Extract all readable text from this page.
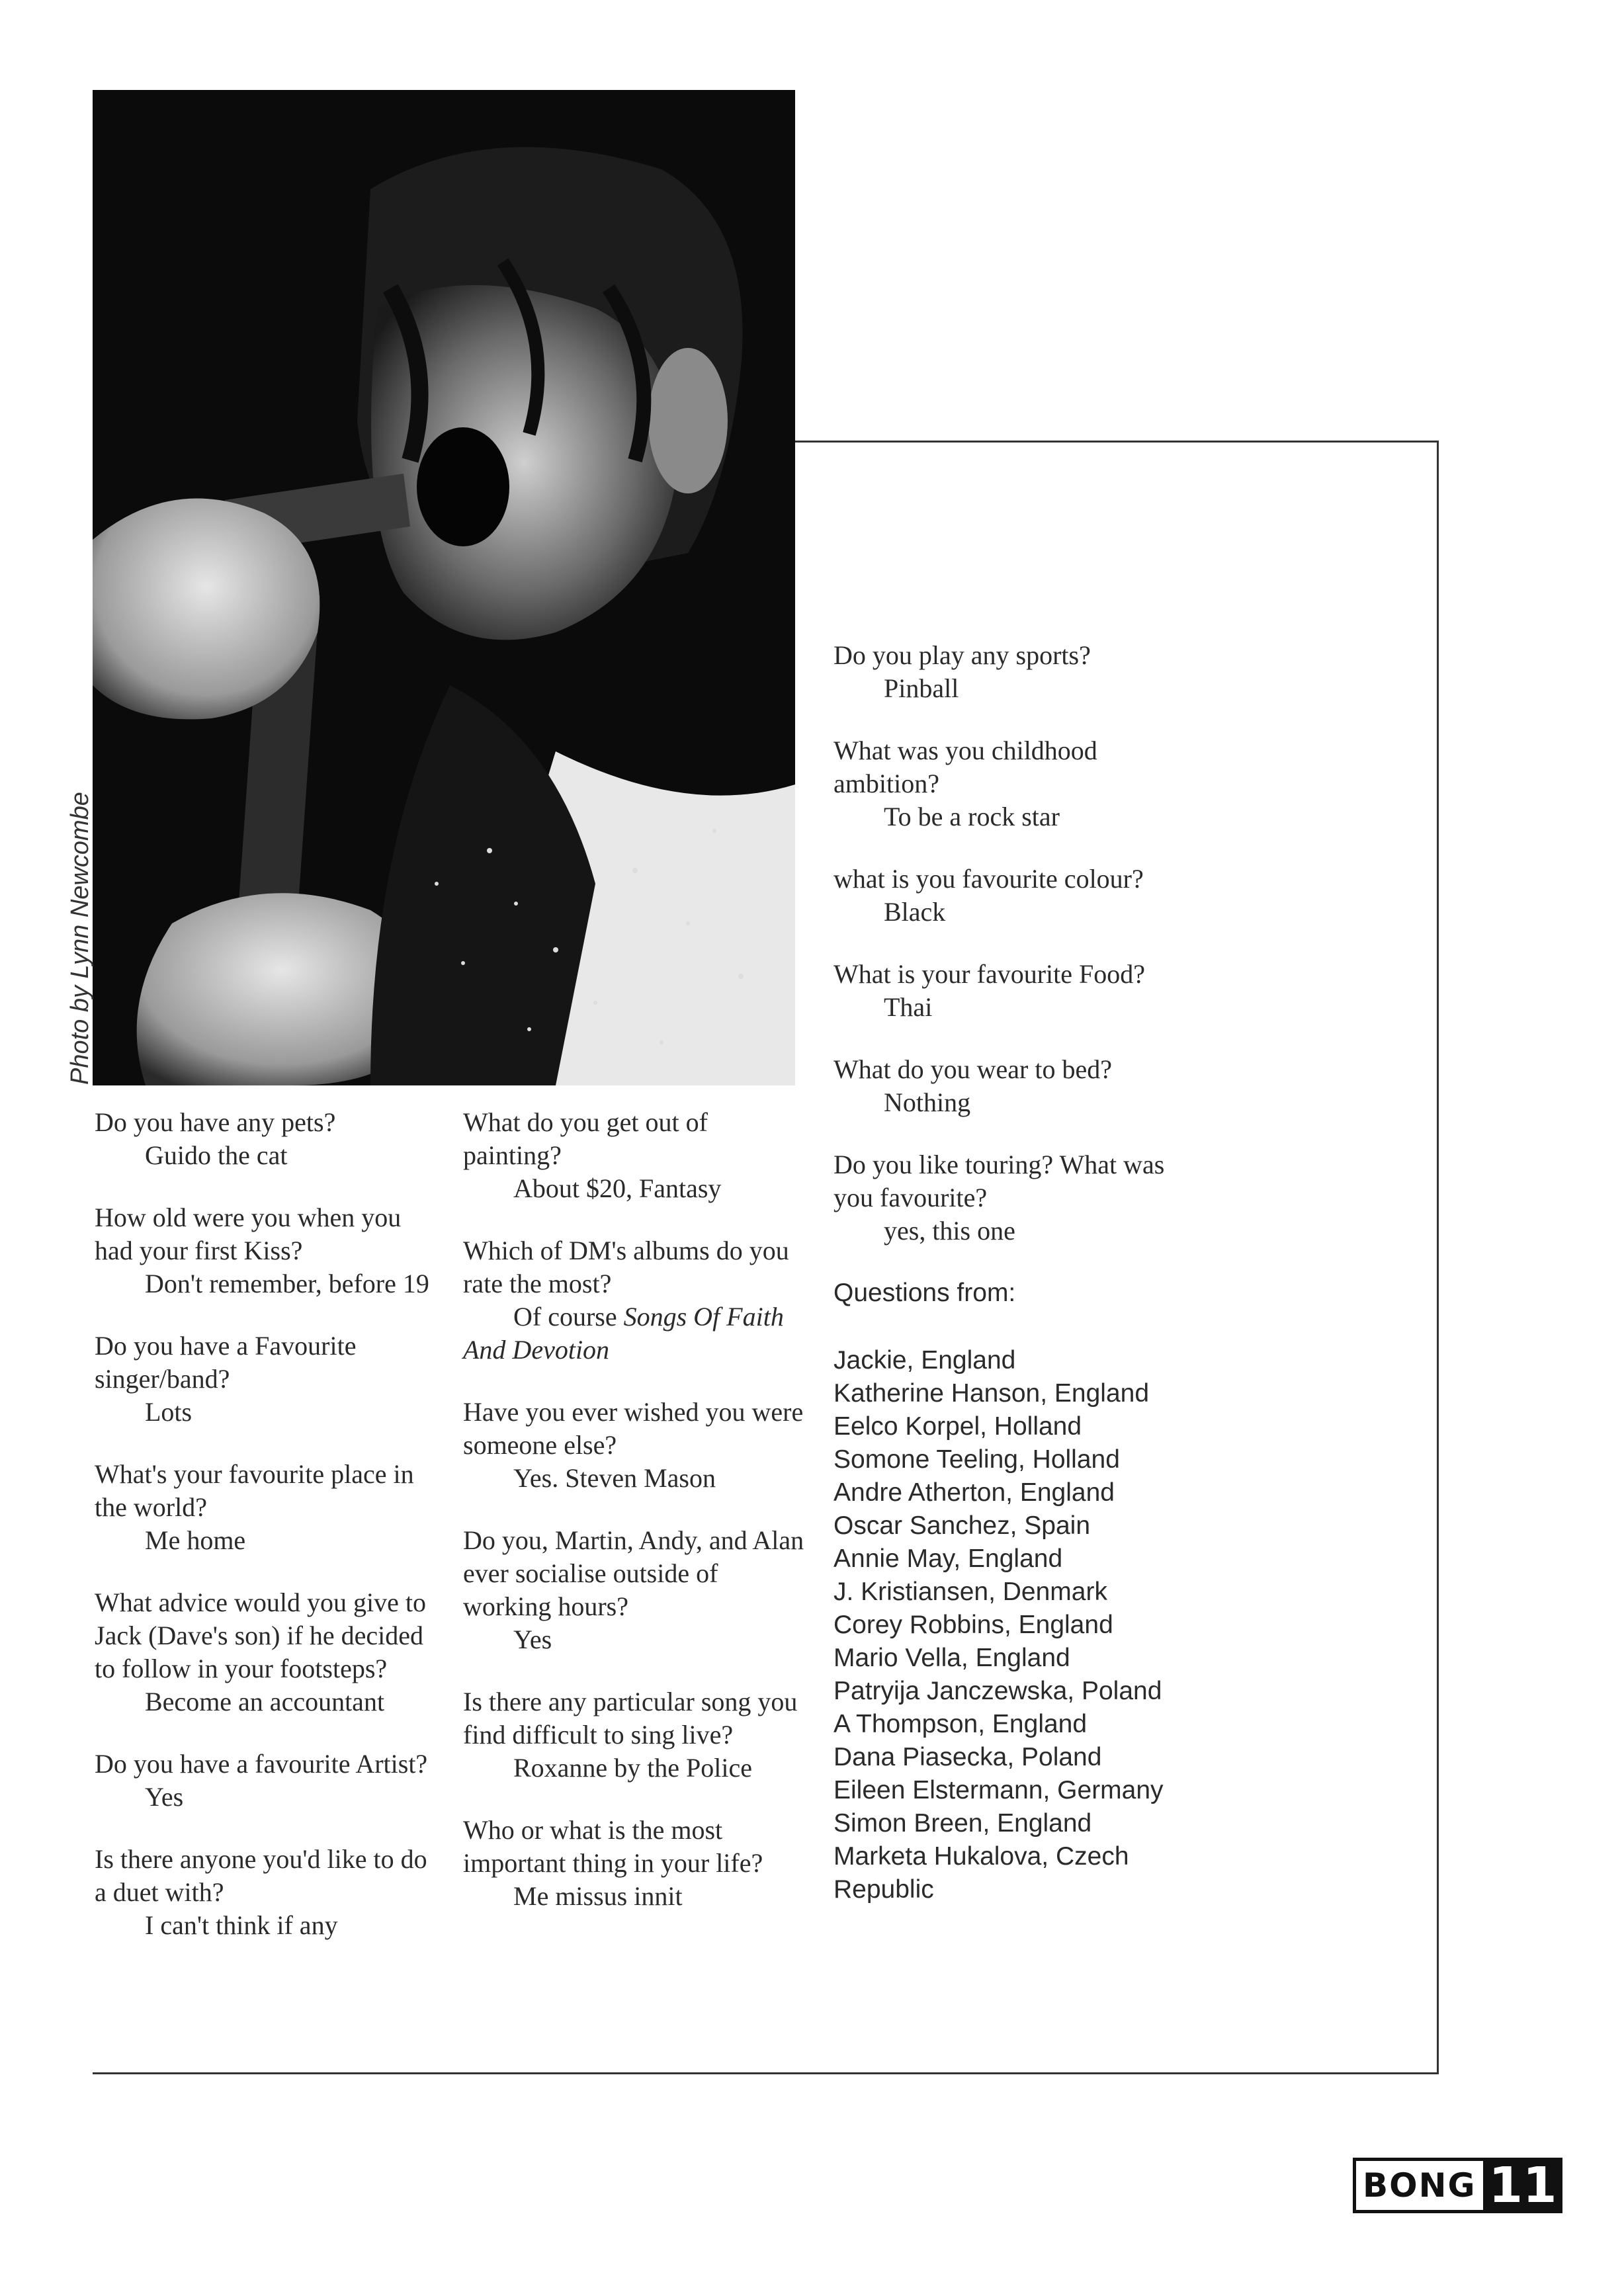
Photo by Lynn Newcombe
Do you have any pets?
Guido the cat
How old were you when you had your first Kiss?
Don't remember, before 19
Do you have a Favourite singer/band?
Lots
What's your favourite place in the world?
Me home
What advice would you give to Jack (Dave's son) if he decided to follow in your footsteps?
Become an accountant
Do you have a favourite Artist?
Yes
Is there anyone you'd like to do a duet with?
I can't think if any
What do you get out of painting?
About $20, Fantasy
Which of DM's albums do you rate the most?
Of course Songs Of Faith And Devotion
Have you ever wished you were someone else?
Yes. Steven Mason
Do you, Martin, Andy, and Alan ever socialise outside of working hours?
Yes
Is there any particular song you find difficult to sing live?
Roxanne by the Police
Who or what is the most important thing in your life?
Me missus innit
Do you play any sports?
Pinball
What was you childhood ambition?
To be a rock star
what is you favourite colour?
Black
What is your favourite Food?
Thai
What do you wear to bed?
Nothing
Do you like touring? What was you favourite?
yes, this one
Questions from:
Jackie, England
Katherine Hanson, England
Eelco Korpel, Holland
Somone Teeling, Holland
Andre Atherton, England
Oscar Sanchez, Spain
Annie May, England
J. Kristiansen, Denmark
Corey Robbins, England
Mario Vella, England
Patryija Janczewska, Poland
A Thompson, England
Dana Piasecka, Poland
Eileen Elstermann, Germany
Simon Breen, England
Marketa Hukalova, Czech Republic
BONG 11
